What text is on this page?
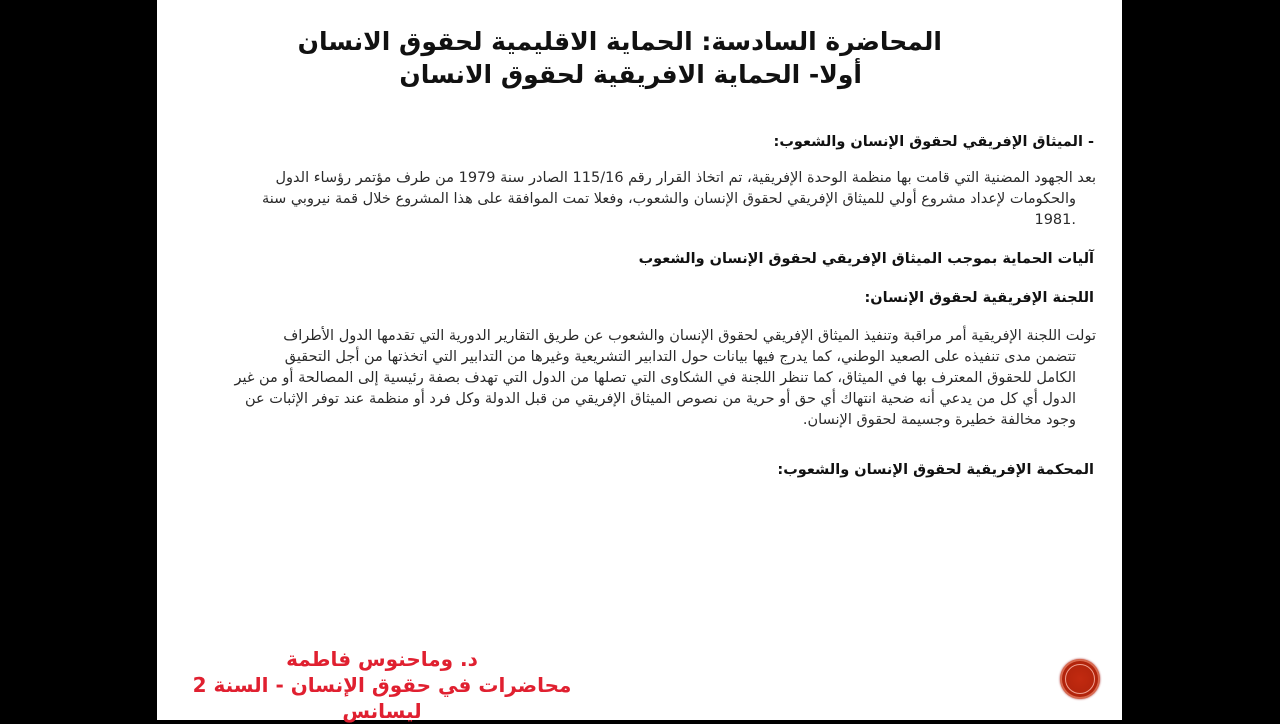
المحاضرة السادسة: الحماية الاقليمية لحقوق الانسان
أولا- الحماية الافريقية لحقوق الانسان
- الميثاق الإفريقي لحقوق الإنسان والشعوب:
بعد الجهود المضنية التي قامت بها منظمة الوحدة الإفريقية، تم اتخاذ القرار رقم 115/16 الصادر سنة 1979 من طرف مؤتمر رؤساء الدول
والحكومات لإعداد مشروع أولي للميثاق الإفريقي لحقوق الإنسان والشعوب، وفعلا تمت الموافقة على هذا المشروع خلال قمة نيروبي سنة
.1981
آليات الحماية بموجب الميثاق الإفريقي لحقوق الإنسان والشعوب
اللجنة الإفريقية لحقوق الإنسان:
تولت اللجنة الإفريقية أمر مراقبة وتنفيذ الميثاق الإفريقي لحقوق الإنسان والشعوب عن طريق التقارير الدورية التي تقدمها الدول الأطراف
تتضمن مدى تنفيذه على الصعيد الوطني، كما يدرج فيها بيانات حول التدابير التشريعية وغيرها من التدابير التي اتخذتها من أجل التحقيق
الكامل للحقوق المعترف بها في الميثاق، كما تنظر اللجنة في الشكاوى التي تصلها من الدول التي تهدف بصفة رئيسية إلى المصالحة أو من غير
الدول أي كل من يدعي أنه ضحية انتهاك أي حق أو حرية من نصوص الميثاق الإفريقي من قبل الدولة وكل فرد أو منظمة عند توفر الإثبات عن
وجود مخالفة خطيرة وجسيمة لحقوق الإنسان.
المحكمة الإفريقية لحقوق الإنسان والشعوب:
د. وماحنوس فاطمة
محاضرات في حقوق الإنسان - السنة 2 ليسانس
